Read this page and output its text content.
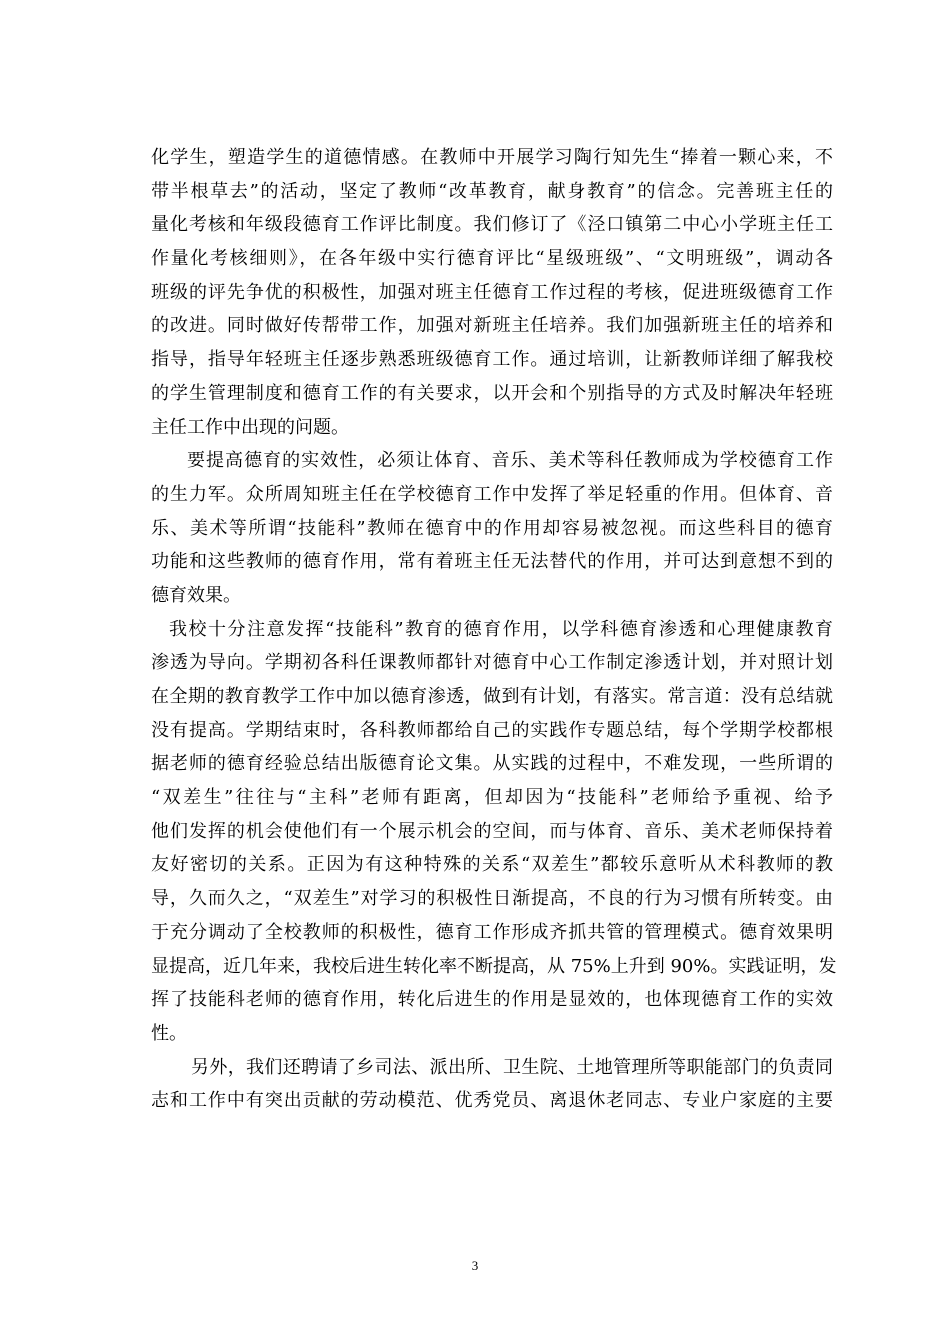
化学生，塑造学生的道德情感。在教师中开展学习陶行知先生“捧着一颗心来，不
带半根草去”的活动，坚定了教师“改革教育，献身教育”的信念。完善班主任的
量化考核和年级段德育工作评比制度。我们修订了《泾口镇第二中心小学班主任工
作量化考核细则》，在各年级中实行德育评比“星级班级”、“文明班级”，调动各
班级的评先争优的积极性，加强对班主任德育工作过程的考核，促进班级德育工作
的改进。同时做好传帮带工作，加强对新班主任培养。我们加强新班主任的培养和
指导，指导年轻班主任逐步熟悉班级德育工作。通过培训，让新教师详细了解我校
的学生管理制度和德育工作的有关要求，以开会和个别指导的方式及时解决年轻班
主任工作中出现的问题。
要提高德育的实效性，必须让体育、音乐、美术等科任教师成为学校德育工作
的生力军。众所周知班主任在学校德育工作中发挥了举足轻重的作用。但体育、音
乐、美术等所谓“技能科”教师在德育中的作用却容易被忽视。而这些科目的德育
功能和这些教师的德育作用，常有着班主任无法替代的作用，并可达到意想不到的
德育效果。
我校十分注意发挥“技能科”教育的德育作用，以学科德育渗透和心理健康教育
渗透为导向。学期初各科任课教师都针对德育中心工作制定渗透计划，并对照计划
在全期的教育教学工作中加以德育渗透，做到有计划，有落实。常言道：没有总结就
没有提高。学期结束时，各科教师都给自己的实践作专题总结，每个学期学校都根
据老师的德育经验总结出版德育论文集。从实践的过程中，不难发现，一些所谓的
“双差生”往往与“主科”老师有距离，但却因为“技能科”老师给予重视、给予
他们发挥的机会使他们有一个展示机会的空间，而与体育、音乐、美术老师保持着
友好密切的关系。正因为有这种特殊的关系“双差生”都较乐意听从术科教师的教
导，久而久之，“双差生”对学习的积极性日渐提高，不良的行为习惯有所转变。由
于充分调动了全校教师的积极性，德育工作形成齐抓共管的管理模式。德育效果明
显提高，近几年来，我校后进生转化率不断提高，从 75%上升到 90%。实践证明，发
挥了技能科老师的德育作用，转化后进生的作用是显效的，也体现德育工作的实效
性。
另外，我们还聘请了乡司法、派出所、卫生院、土地管理所等职能部门的负责同
志和工作中有突出贡献的劳动模范、优秀党员、离退休老同志、专业户家庭的主要
3
